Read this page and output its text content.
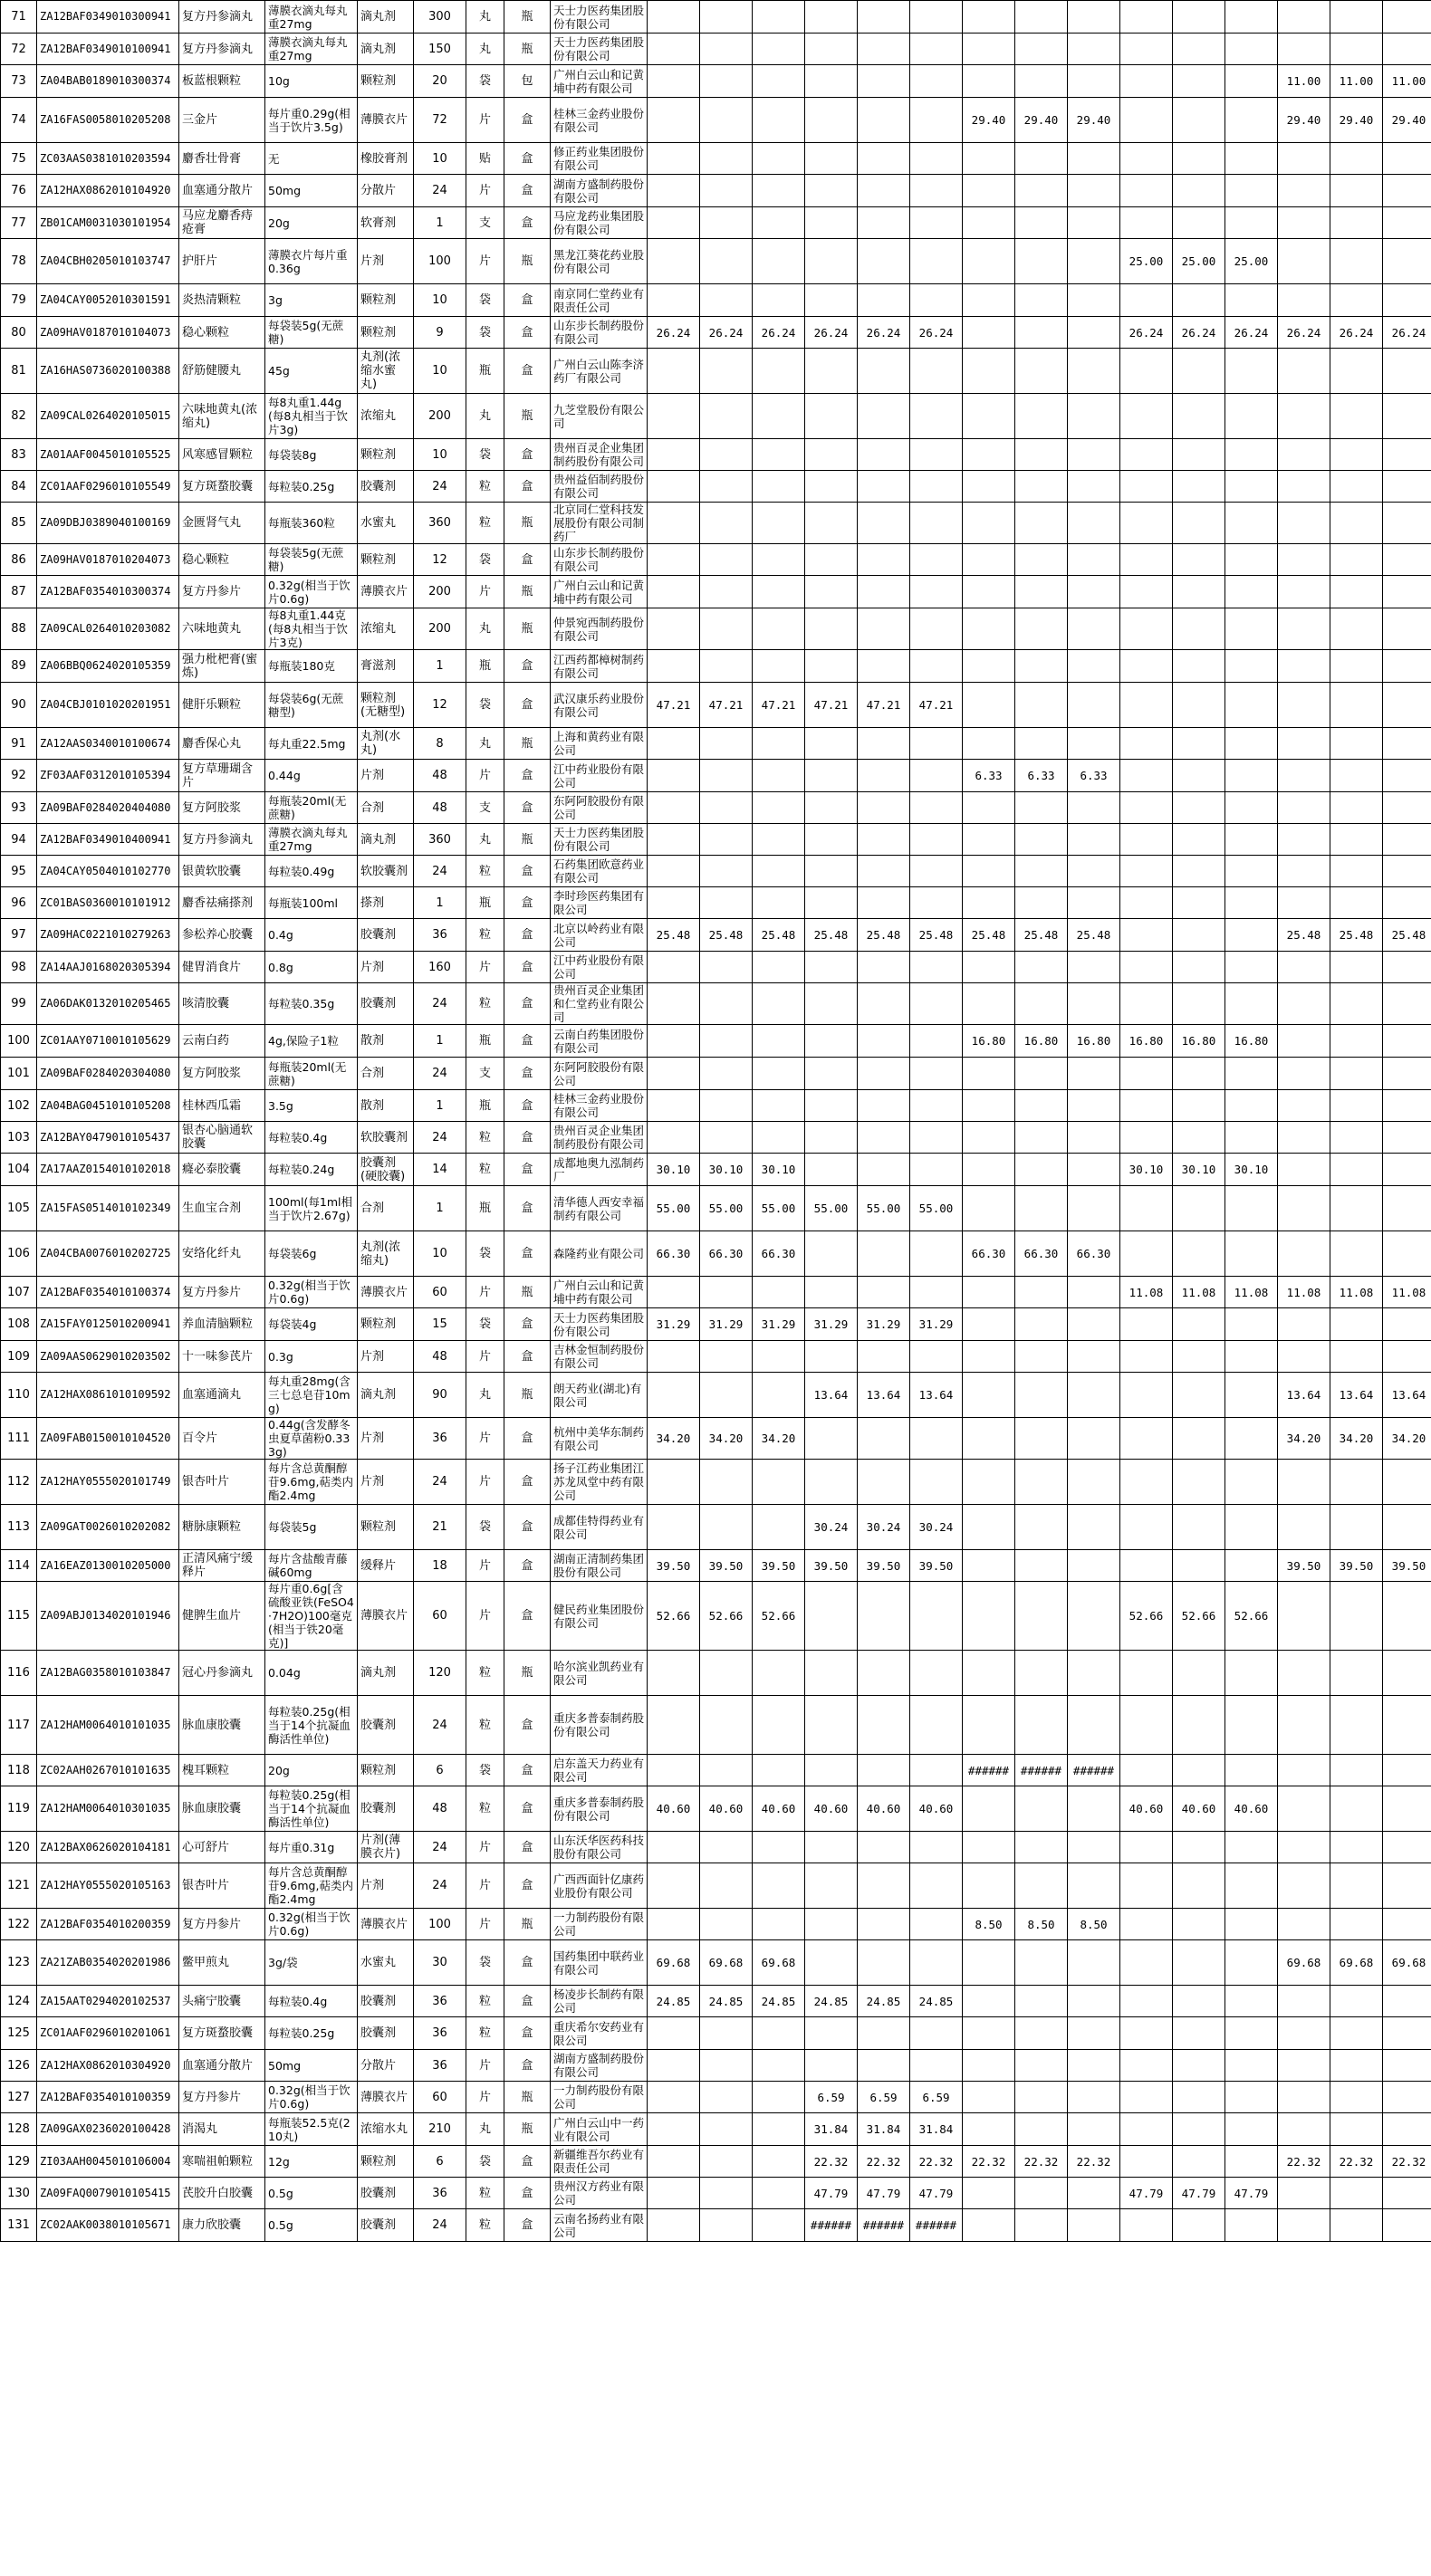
71	ZA12BAF0349010300941	复方丹参滴丸	薄膜衣滴丸每丸重27mg	滴丸剂	300	丸	瓶	天士力医药集团股份有限公司															
72	ZA12BAF0349010100941	复方丹参滴丸	薄膜衣滴丸每丸重27mg	滴丸剂	150	丸	瓶	天士力医药集团股份有限公司															
73	ZA04BAB0189010300374	板蓝根颗粒	10g	颗粒剂	20	袋	包	广州白云山和记黄埔中药有限公司													11.00	11.00	11.00
74	ZA16FAS0058010205208	三金片	每片重0.29g(相当于饮片3.5g)	薄膜衣片	72	片	盒	桂林三金药业股份有限公司							29.40	29.40	29.40				29.40	29.40	29.40
75	ZC03AAS0381010203594	麝香壮骨膏	无	橡胶膏剂	10	贴	盒	修正药业集团股份有限公司															
76	ZA12HAX0862010104920	血塞通分散片	50mg	分散片	24	片	盒	湖南方盛制药股份有限公司															
77	ZB01CAM0031030101954	马应龙麝香痔疮膏	20g	软膏剂	1	支	盒	马应龙药业集团股份有限公司															
78	ZA04CBH0205010103747	护肝片	薄膜衣片每片重0.36g	片剂	100	片	瓶	黑龙江葵花药业股份有限公司										25.00	25.00	25.00			
79	ZA04CAY0052010301591	炎热清颗粒	3g	颗粒剂	10	袋	盒	南京同仁堂药业有限责任公司															
80	ZA09HAV0187010104073	稳心颗粒	每袋装5g(无蔗糖)	颗粒剂	9	袋	盒	山东步长制药股份有限公司	26.24	26.24	26.24	26.24	26.24	26.24				26.24	26.24	26.24	26.24	26.24	26.24
81	ZA16HAS0736020100388	舒筋健腰丸	45g	丸剂(浓缩水蜜丸)	10	瓶	盒	广州白云山陈李济药厂有限公司															
82	ZA09CAL0264020105015	六味地黄丸(浓缩丸)	每8丸重1.44g(每8丸相当于饮片3g)	浓缩丸	200	丸	瓶	九芝堂股份有限公司															
83	ZA01AAF0045010105525	风寒感冒颗粒	每袋装8g	颗粒剂	10	袋	盒	贵州百灵企业集团制药股份有限公司															
84	ZC01AAF0296010105549	复方斑蝥胶囊	每粒装0.25g	胶囊剂	24	粒	盒	贵州益佰制药股份有限公司															
85	ZA09DBJ0389040100169	金匮肾气丸	每瓶装360粒	水蜜丸	360	粒	瓶	北京同仁堂科技发展股份有限公司制药厂															
86	ZA09HAV0187010204073	稳心颗粒	每袋装5g(无蔗糖)	颗粒剂	12	袋	盒	山东步长制药股份有限公司															
87	ZA12BAF0354010300374	复方丹参片	0.32g(相当于饮片0.6g)	薄膜衣片	200	片	瓶	广州白云山和记黄埔中药有限公司															
88	ZA09CAL0264010203082	六味地黄丸	每8丸重1.44克(每8丸相当于饮片3克)	浓缩丸	200	丸	瓶	仲景宛西制药股份有限公司															
89	ZA06BBQ0624020105359	强力枇杷膏(蜜炼)	每瓶装180克	膏滋剂	1	瓶	盒	江西药都樟树制药有限公司															
90	ZA04CBJ0101020201951	健肝乐颗粒	每袋装6g(无蔗糖型)	颗粒剂(无糖型)	12	袋	盒	武汉康乐药业股份有限公司	47.21	47.21	47.21	47.21	47.21	47.21									
91	ZA12AAS0340010100674	麝香保心丸	每丸重22.5mg	丸剂(水丸)	8	丸	瓶	上海和黄药业有限公司															
92	ZF03AAF0312010105394	复方草珊瑚含片	0.44g	片剂	48	片	盒	江中药业股份有限公司							6.33	6.33	6.33						
93	ZA09BAF0284020404080	复方阿胶浆	每瓶装20ml(无蔗糖)	合剂	48	支	盒	东阿阿胶股份有限公司															
94	ZA12BAF0349010400941	复方丹参滴丸	薄膜衣滴丸每丸重27mg	滴丸剂	360	丸	瓶	天士力医药集团股份有限公司															
95	ZA04CAY0504010102770	银黄软胶囊	每粒装0.49g	软胶囊剂	24	粒	盒	石药集团欧意药业有限公司															
96	ZC01BAS0360010101912	麝香祛痛搽剂	每瓶装100ml	搽剂	1	瓶	盒	李时珍医药集团有限公司															
97	ZA09HAC0221010279263	参松养心胶囊	0.4g	胶囊剂	36	粒	盒	北京以岭药业有限公司	25.48	25.48	25.48	25.48	25.48	25.48	25.48	25.48	25.48				25.48	25.48	25.48
98	ZA14AAJ0168020305394	健胃消食片	0.8g	片剂	160	片	盒	江中药业股份有限公司															
99	ZA06DAK0132010205465	咳清胶囊	每粒装0.35g	胶囊剂	24	粒	盒	贵州百灵企业集团和仁堂药业有限公司															
100	ZC01AAY0710010105629	云南白药	4g,保险子1粒	散剂	1	瓶	盒	云南白药集团股份有限公司							16.80	16.80	16.80	16.80	16.80	16.80			
101	ZA09BAF0284020304080	复方阿胶浆	每瓶装20ml(无蔗糖)	合剂	24	支	盒	东阿阿胶股份有限公司															
102	ZA04BAG0451010105208	桂林西瓜霜	3.5g	散剂	1	瓶	盒	桂林三金药业股份有限公司															
103	ZA12BAY0479010105437	银杏心脑通软胶囊	每粒装0.4g	软胶囊剂	24	粒	盒	贵州百灵企业集团制药股份有限公司															
104	ZA17AAZ0154010102018	癃必泰胶囊	每粒装0.24g	胶囊剂(硬胶囊)	14	粒	盒	成都地奥九泓制药厂	30.10	30.10	30.10							30.10	30.10	30.10			
105	ZA15FAS0514010102349	生血宝合剂	100ml(每1ml相当于饮片2.67g)	合剂	1	瓶	盒	清华德人西安幸福制药有限公司	55.00	55.00	55.00	55.00	55.00	55.00									
106	ZA04CBA0076010202725	安络化纤丸	每袋装6g	丸剂(浓缩丸)	10	袋	盒	森隆药业有限公司	66.30	66.30	66.30				66.30	66.30	66.30						
107	ZA12BAF0354010100374	复方丹参片	0.32g(相当于饮片0.6g)	薄膜衣片	60	片	瓶	广州白云山和记黄埔中药有限公司										11.08	11.08	11.08	11.08	11.08	11.08
108	ZA15FAY0125010200941	养血清脑颗粒	每袋装4g	颗粒剂	15	袋	盒	天士力医药集团股份有限公司	31.29	31.29	31.29	31.29	31.29	31.29									
109	ZA09AAS0629010203502	十一味参芪片	0.3g	片剂	48	片	盒	吉林金恒制药股份有限公司															
110	ZA12HAX0861010109592	血塞通滴丸	每丸重28mg(含三七总皂苷10mg)	滴丸剂	90	丸	瓶	朗天药业(湖北)有限公司				13.64	13.64	13.64							13.64	13.64	13.64
111	ZA09FAB0150010104520	百令片	0.44g(含发酵冬虫夏草菌粉0.333g)	片剂	36	片	盒	杭州中美华东制药有限公司	34.20	34.20	34.20										34.20	34.20	34.20
112	ZA12HAY0555020101749	银杏叶片	每片含总黄酮醇苷9.6mg,萜类内酯2.4mg	片剂	24	片	盒	扬子江药业集团江苏龙凤堂中药有限公司															
113	ZA09GAT0026010202082	糖脉康颗粒	每袋装5g	颗粒剂	21	袋	盒	成都佳特得药业有限公司				30.24	30.24	30.24									
114	ZA16EAZ0130010205000	正清风痛宁缓释片	每片含盐酸青藤碱60mg	缓释片	18	片	盒	湖南正清制药集团股份有限公司	39.50	39.50	39.50	39.50	39.50	39.50							39.50	39.50	39.50
115	ZA09ABJ0134020101946	健脾生血片	每片重0.6g[含硫酸亚铁(FeSO4·7H2O)100毫克(相当于铁20毫克)]	薄膜衣片	60	片	盒	健民药业集团股份有限公司	52.66	52.66	52.66							52.66	52.66	52.66			
116	ZA12BAG0358010103847	冠心丹参滴丸	0.04g	滴丸剂	120	粒	瓶	哈尔滨业凯药业有限公司															
117	ZA12HAM0064010101035	脉血康胶囊	每粒装0.25g(相当于14个抗凝血酶活性单位)	胶囊剂	24	粒	盒	重庆多普泰制药股份有限公司															
118	ZC02AAH0267010101635	槐耳颗粒	20g	颗粒剂	6	袋	盒	启东盖天力药业有限公司							######	######	######						
119	ZA12HAM0064010301035	脉血康胶囊	每粒装0.25g(相当于14个抗凝血酶活性单位)	胶囊剂	48	粒	盒	重庆多普泰制药股份有限公司	40.60	40.60	40.60	40.60	40.60	40.60				40.60	40.60	40.60			
120	ZA12BAX0626020104181	心可舒片	每片重0.31g	片剂(薄膜衣片)	24	片	盒	山东沃华医药科技股份有限公司															
121	ZA12HAY0555020105163	银杏叶片	每片含总黄酮醇苷9.6mg,萜类内酯2.4mg	片剂	24	片	盒	广西西面针亿康药业股份有限公司															
122	ZA12BAF0354010200359	复方丹参片	0.32g(相当于饮片0.6g)	薄膜衣片	100	片	瓶	一力制药股份有限公司							8.50	8.50	8.50						
123	ZA21ZAB0354020201986	鳖甲煎丸	3g/袋	水蜜丸	30	袋	盒	国药集团中联药业有限公司	69.68	69.68	69.68										69.68	69.68	69.68
124	ZA15AAT0294020102537	头痛宁胶囊	每粒装0.4g	胶囊剂	36	粒	盒	杨凌步长制药有限公司	24.85	24.85	24.85	24.85	24.85	24.85									
125	ZC01AAF0296010201061	复方斑蝥胶囊	每粒装0.25g	胶囊剂	36	粒	盒	重庆希尔安药业有限公司															
126	ZA12HAX0862010304920	血塞通分散片	50mg	分散片	36	片	盒	湖南方盛制药股份有限公司															
127	ZA12BAF0354010100359	复方丹参片	0.32g(相当于饮片0.6g)	薄膜衣片	60	片	瓶	一力制药股份有限公司				6.59	6.59	6.59									
128	ZA09GAX0236020100428	消渴丸	每瓶装52.5克(210丸)	浓缩水丸	210	丸	瓶	广州白云山中一药业有限公司				31.84	31.84	31.84									
129	ZI03AAH0045010106004	寒喘祖帕颗粒	12g	颗粒剂	6	袋	盒	新疆维吾尔药业有限责任公司				22.32	22.32	22.32	22.32	22.32	22.32				22.32	22.32	22.32
130	ZA09FAQ0079010105415	芪胶升白胶囊	0.5g	胶囊剂	36	粒	盒	贵州汉方药业有限公司				47.79	47.79	47.79				47.79	47.79	47.79			
131	ZC02AAK0038010105671	康力欣胶囊	0.5g	胶囊剂	24	粒	盒	云南名扬药业有限公司				######	######	######									
